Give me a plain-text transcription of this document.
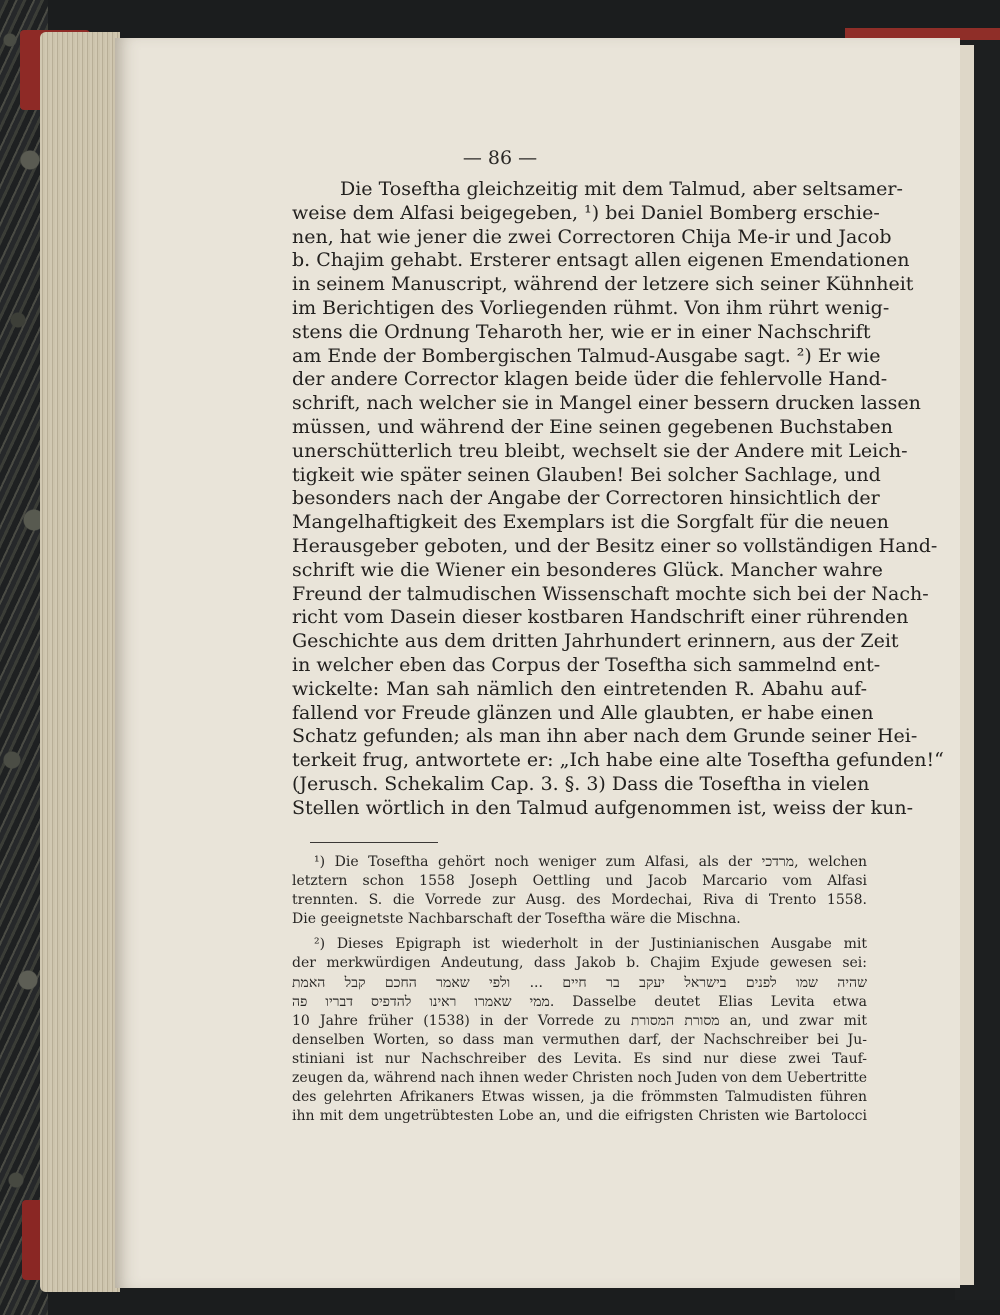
— 86 —
Die Toseftha gleichzeitig mit dem Talmud, aber seltsamer-
weise dem Alfasi beigegeben, ¹) bei Daniel Bomberg erschie-
nen, hat wie jener die zwei Correctoren Chija Me-ir und Jacob
b. Chajim gehabt. Ersterer entsagt allen eigenen Emendationen
in seinem Manuscript, während der letzere sich seiner Kühnheit
im Berichtigen des Vorliegenden rühmt. Von ihm rührt wenig-
stens die Ordnung Teharoth her, wie er in einer Nachschrift
am Ende der Bombergischen Talmud-Ausgabe sagt. ²) Er wie
der andere Corrector klagen beide üder die fehlervolle Hand-
schrift, nach welcher sie in Mangel einer bessern drucken lassen
müssen, und während der Eine seinen gegebenen Buchstaben
unerschütterlich treu bleibt, wechselt sie der Andere mit Leich-
tigkeit wie später seinen Glauben! Bei solcher Sachlage, und
besonders nach der Angabe der Correctoren hinsichtlich der
Mangelhaftigkeit des Exemplars ist die Sorgfalt für die neuen
Herausgeber geboten, und der Besitz einer so vollständigen Hand-
schrift wie die Wiener ein besonderes Glück. Mancher wahre
Freund der talmudischen Wissenschaft mochte sich bei der Nach-
richt vom Dasein dieser kostbaren Handschrift einer rührenden
Geschichte aus dem dritten Jahrhundert erinnern, aus der Zeit
in welcher eben das Corpus der Toseftha sich sammelnd ent-
wickelte: Man sah nämlich den eintretenden R. Abahu auf-
fallend vor Freude glänzen und Alle glaubten, er habe einen
Schatz gefunden; als man ihn aber nach dem Grunde seiner Hei-
terkeit frug, antwortete er: „Ich habe eine alte Toseftha gefunden!“
(Jerusch. Schekalim Cap. 3. §. 3) Dass die Toseftha in vielen
Stellen wörtlich in den Talmud aufgenommen ist, weiss der kun-
¹) Die Toseftha gehört noch weniger zum Alfasi, als der מרדכי, welchen
letztern schon 1558 Joseph Oettling und Jacob Marcario vom Alfasi
trennten. S. die Vorrede zur Ausg. des Mordechai, Riva di Trento 1558.
Die geeignetste Nachbarschaft der Toseftha wäre die Mischna.
²) Dieses Epigraph ist wiederholt in der Justinianischen Ausgabe mit
der merkwürdigen Andeutung, dass Jakob b. Chajim Exjude gewesen sei:
שהיה שמו לפנים בישראל יעקב בר חיים ... ולפי שאמר החכם קבל האמת
ממי שאמרו ראינו להדפיס דבריו פה. Dasselbe deutet Elias Levita etwa
10 Jahre früher (1538) in der Vorrede zu מסורת המסורת an, und zwar mit
denselben Worten, so dass man vermuthen darf, der Nachschreiber bei Ju-
stiniani ist nur Nachschreiber des Levita. Es sind nur diese zwei Tauf-
zeugen da, während nach ihnen weder Christen noch Juden von dem Uebertritte
des gelehrten Afrikaners Etwas wissen, ja die frömmsten Talmudisten führen
ihn mit dem ungetrübtesten Lobe an, und die eifrigsten Christen wie Bartolocci
